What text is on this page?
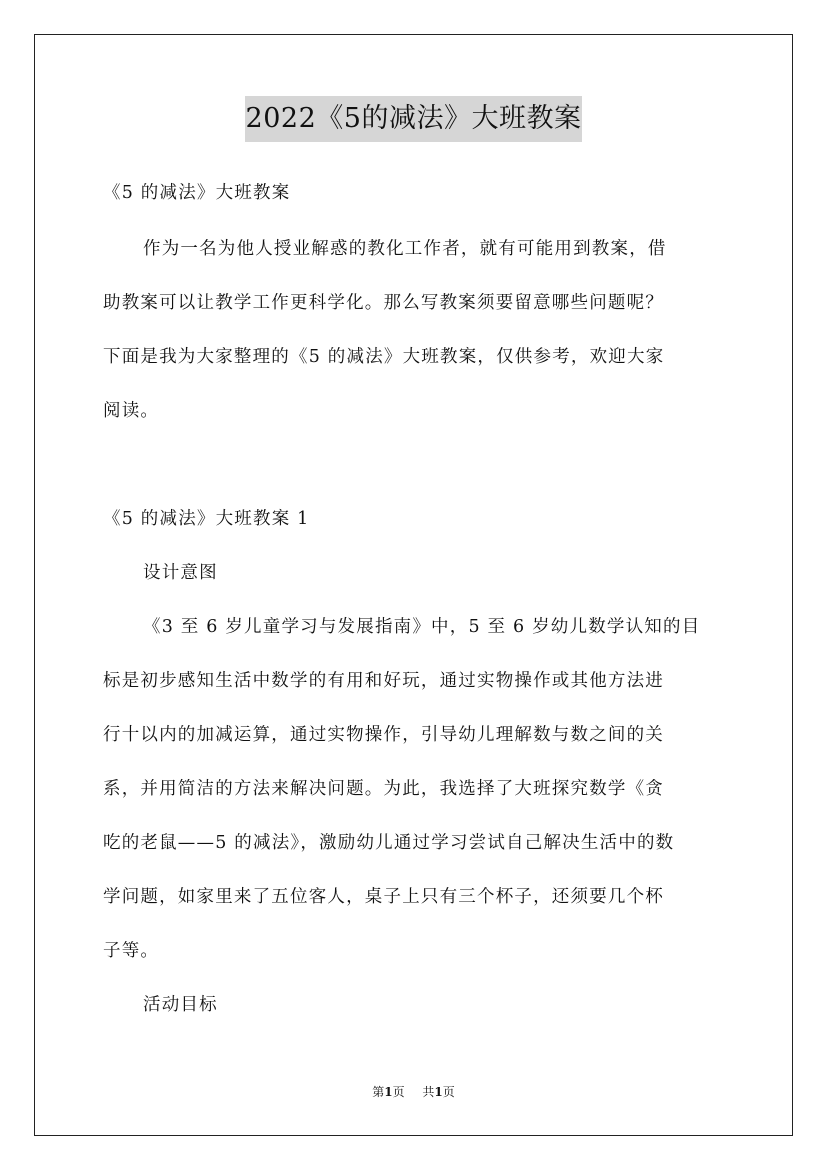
2022《5的减法》大班教案
《5 的减法》大班教案
作为一名为他人授业解惑的教化工作者，就有可能用到教案，借
助教案可以让教学工作更科学化。那么写教案须要留意哪些问题呢？
下面是我为大家整理的《5 的减法》大班教案，仅供参考，欢迎大家
阅读。
《5 的减法》大班教案 1
设计意图
《3 至 6 岁儿童学习与发展指南》中，5 至 6 岁幼儿数学认知的目
标是初步感知生活中数学的有用和好玩，通过实物操作或其他方法进
行十以内的加减运算，通过实物操作，引导幼儿理解数与数之间的关
系，并用简洁的方法来解决问题。为此，我选择了大班探究数学《贪
吃的老鼠——5 的减法》，激励幼儿通过学习尝试自己解决生活中的数
学问题，如家里来了五位客人，桌子上只有三个杯子，还须要几个杯
子等。
活动目标
第1页 共1页
